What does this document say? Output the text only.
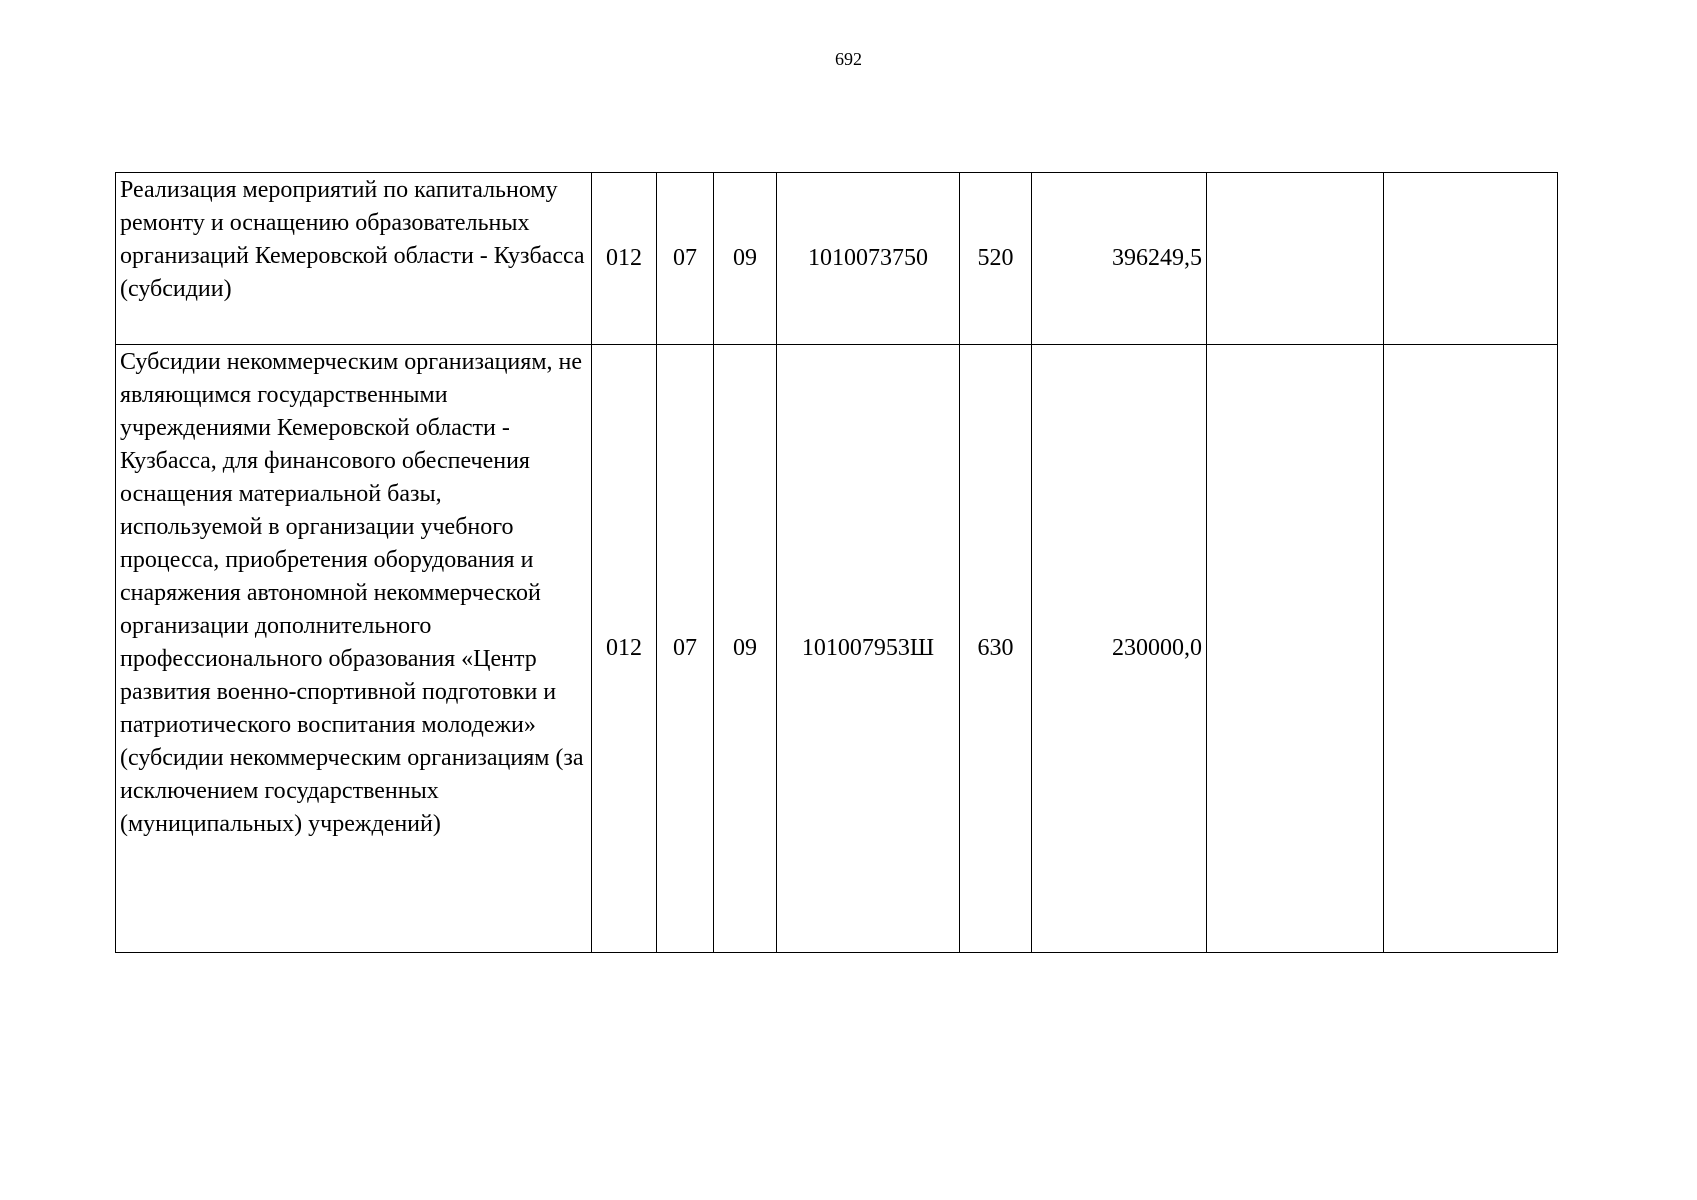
692
Реализация мероприятий по капитальному ремонту и оснащению образовательных организаций Кемеровской области - Кузбасса (субсидии)	012	07	09	1010073750	520	396249,5		
Субсидии некоммерческим организациям, не являющимся государственными учреждениями Кемеровской области - Кузбасса, для финансового обеспечения оснащения материальной базы, используемой в организации учебного процесса, приобретения оборудования и снаряжения автономной некоммерческой организации дополнительного профессионального образования «Центр развития военно-спортивной подготовки и патриотического воспитания молодежи» (субсидии некоммерческим организациям (за исключением государственных (муниципальных) учреждений)	012	07	09	101007953Ш	630	230000,0		
